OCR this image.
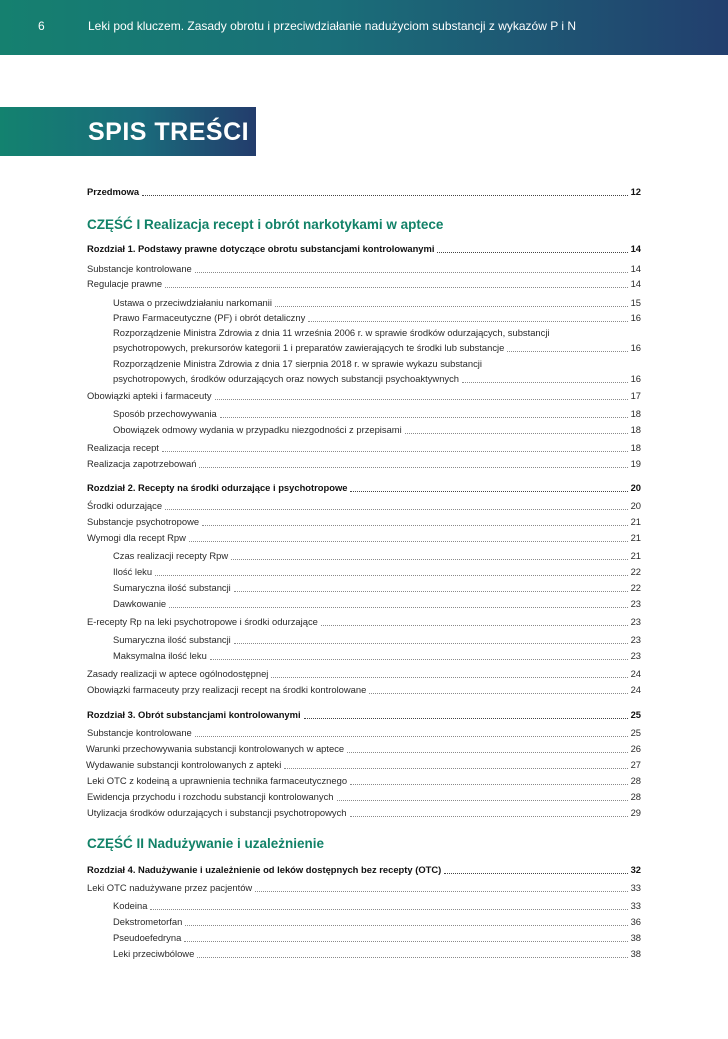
6	Leki pod kluczem. Zasady obrotu i przeciwdziałanie nadużyciom substancji z wykazów P i N
SPIS TREŚCI
Przedmowa	12
CZĘŚĆ I Realizacja recept i obrót narkotykami w aptece
Rozdział 1. Podstawy prawne dotyczące obrotu substancjami kontrolowanymi	14
Substancje kontrolowane	14
Regulacje prawne	14
Ustawa o przeciwdziałaniu narkomanii	15
Prawo Farmaceutyczne (PF) i obrót detaliczny	16
Rozporządzenie Ministra Zdrowia z dnia 11 września 2006 r. w sprawie środków odurzających, substancji
psychotropowych, prekursorów kategorii 1 i preparatów zawierających te środki lub substancje	16
Rozporządzenie Ministra Zdrowia z dnia 17 sierpnia 2018 r. w sprawie wykazu substancji
psychotropowych, środków odurzających oraz nowych substancji psychoaktywnych	16
Obowiązki apteki i farmaceuty	17
Sposób przechowywania	18
Obowiązek odmowy wydania w przypadku niezgodności z przepisami	18
Realizacja recept	18
Realizacja zapotrzebowań	19
Rozdział 2. Recepty na środki odurzające i psychotropowe	20
Środki odurzające	20
Substancje psychotropowe	21
Wymogi dla recept Rpw	21
Czas realizacji recepty Rpw	21
Ilość leku	22
Sumaryczna ilość substancji	22
Dawkowanie	23
E-recepty Rp na leki psychotropowe i środki odurzające	23
Sumaryczna ilość substancji	23
Maksymalna ilość leku	23
Zasady realizacji w aptece ogólnodostępnej	24
Obowiązki farmaceuty przy realizacji recept na środki kontrolowane	24
Rozdział 3. Obrót substancjami kontrolowanymi	25
Substancje kontrolowane	25
Warunki przechowywania substancji kontrolowanych w aptece	26
Wydawanie substancji kontrolowanych z apteki	27
Leki OTC z kodeiną a uprawnienia technika farmaceutycznego	28
Ewidencja przychodu i rozchodu substancji kontrolowanych	28
Utylizacja środków odurzających i substancji psychotropowych	29
CZĘŚĆ II Nadużywanie i uzależnienie
Rozdział 4. Nadużywanie i uzależnienie od leków dostępnych bez recepty (OTC)	32
Leki OTC nadużywane przez pacjentów	33
Kodeina	33
Dekstrometorfan	36
Pseudoefedryna	38
Leki przeciwbólowe	38
